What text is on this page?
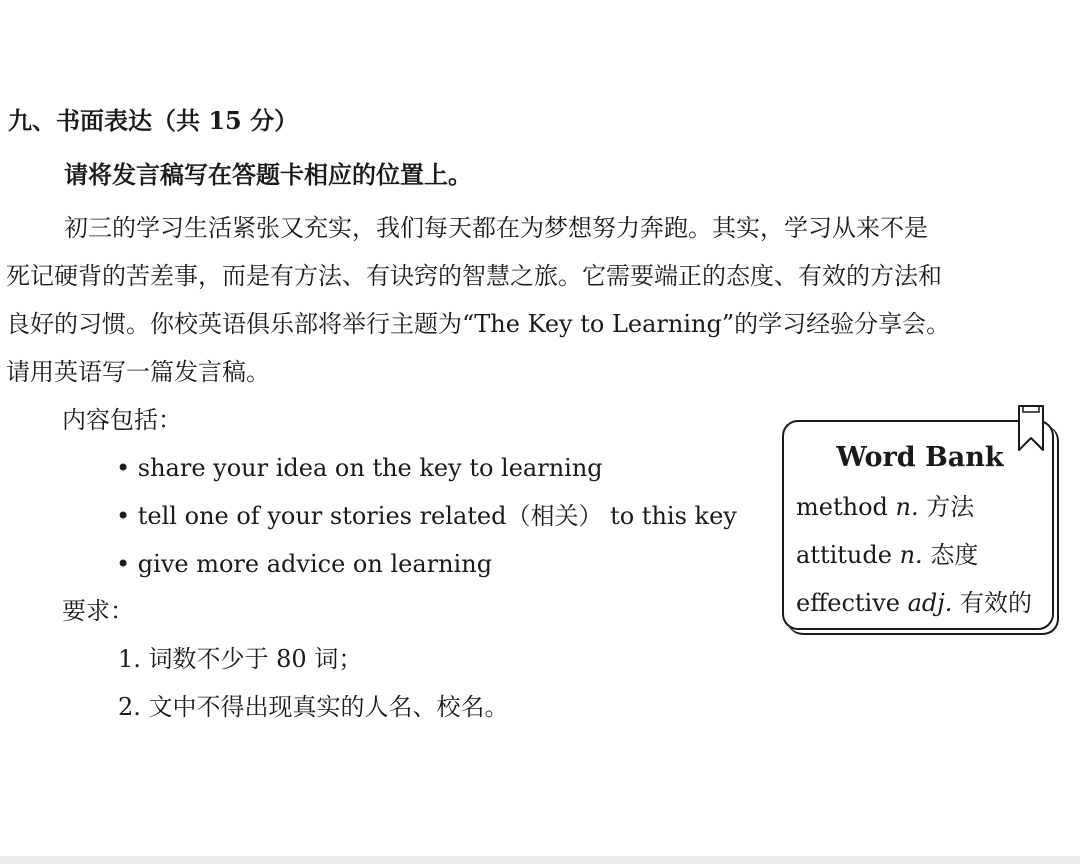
九、书面表达（共 15 分）
请将发言稿写在答题卡相应的位置上。
初三的学习生活紧张又充实，我们每天都在为梦想努力奔跑。其实，学习从来不是
死记硬背的苦差事，而是有方法、有诀窍的智慧之旅。它需要端正的态度、有效的方法和
良好的习惯。你校英语俱乐部将举行主题为“The Key to Learning”的学习经验分享会。
请用英语写一篇发言稿。
内容包括：
• share your idea on the key to learning
• tell one of your stories related（相关） to this key
• give more advice on learning
要求：
1. 词数不少于 80 词；
2. 文中不得出现真实的人名、校名。
Word Bank
method n. 方法
attitude n. 态度
effective adj. 有效的
